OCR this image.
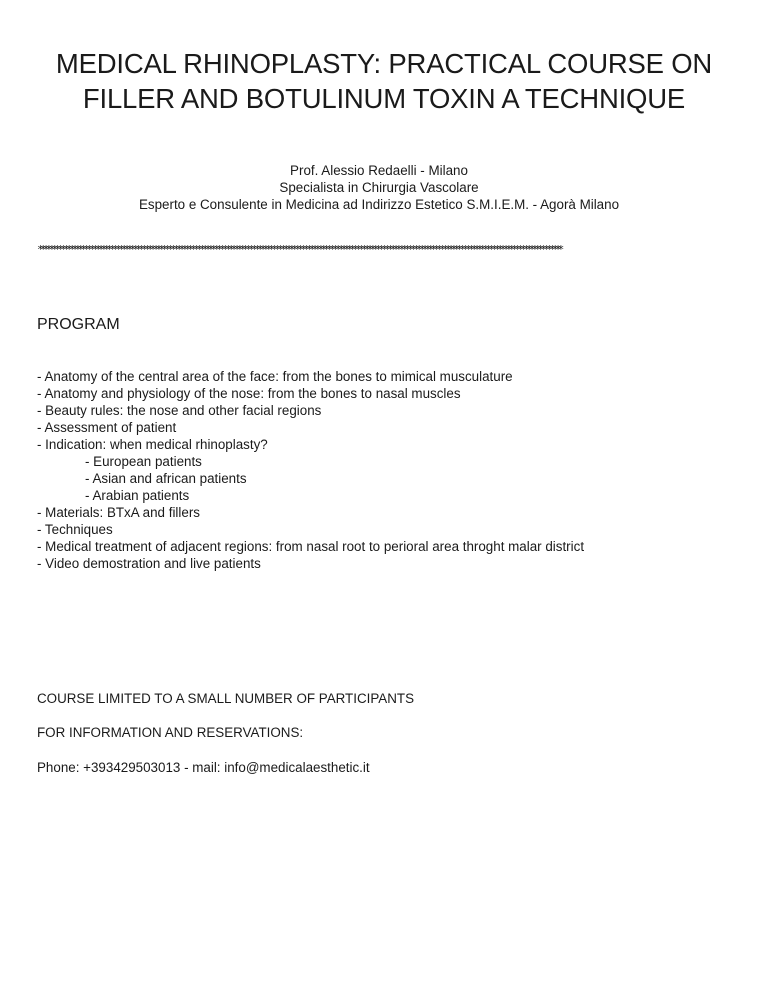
MEDICAL RHINOPLASTY: PRACTICAL COURSE ON
FILLER AND BOTULINUM TOXIN A TECHNIQUE
Prof. Alessio Redaelli - Milano
Specialista in Chirurgia Vascolare
Esperto e Consulente in Medicina ad Indirizzo Estetico S.M.I.E.M. - Agorà Milano
*************************************************************************************************************************************************************************************
PROGRAM
- Anatomy of the central area of the face: from the bones to mimical musculature
- Anatomy and physiology of the nose: from the bones to nasal muscles
- Beauty rules: the nose and other facial regions
- Assessment of patient
- Indication: when medical rhinoplasty?
- European patients
- Asian and african patients
- Arabian patients
- Materials: BTxA and fillers
- Techniques
- Medical treatment of adjacent regions: from nasal root to perioral area throght malar district
- Video demostration and live patients
COURSE LIMITED TO A SMALL NUMBER OF PARTICIPANTS
FOR INFORMATION AND RESERVATIONS:
Phone: +393429503013 - mail: info@medicalaesthetic.it
